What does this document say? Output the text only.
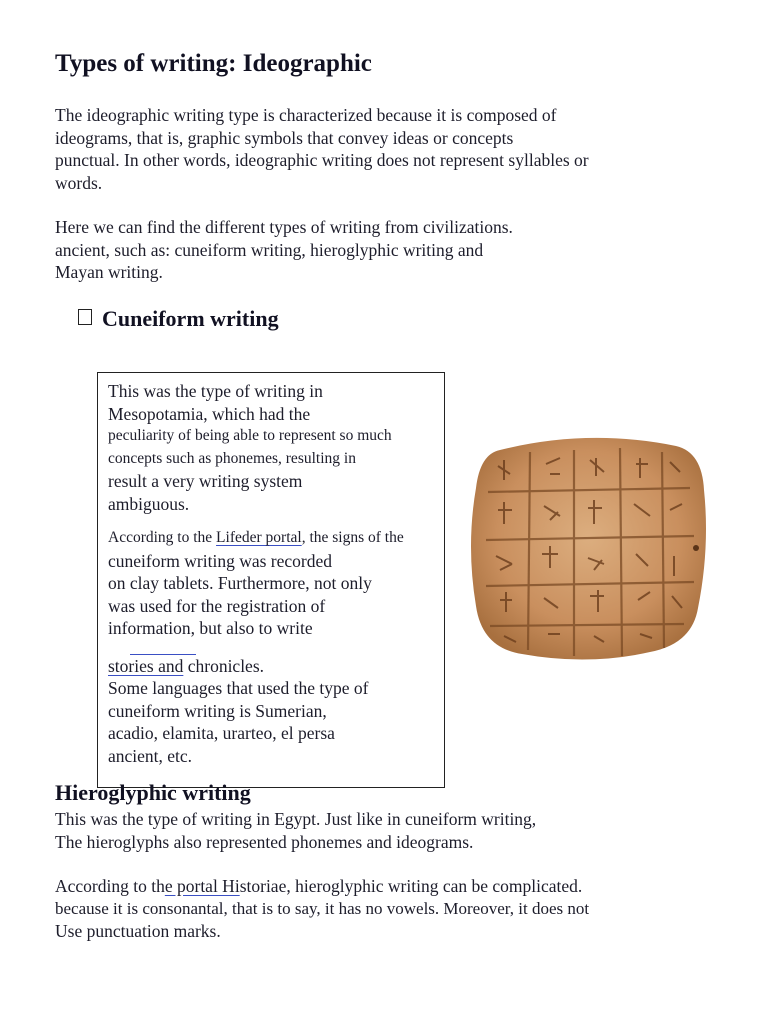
Types of writing: Ideographic

The ideographic writing type is characterized because it is composed of
ideograms, that is, graphic symbols that convey ideas or concepts
punctual. In other words, ideographic writing does not represent syllables or
words.

Here we can find the different types of writing from civilizations.
ancient, such as: cuneiform writing, hieroglyphic writing and
Mayan writing.

Cuneiform writing

This was the type of writing in
Mesopotamia, which had the
peculiarity of being able to represent so much
concepts such as phonemes, resulting in
result a very writing system
ambiguous.
According to the Lifeder portal, the signs of the
cuneiform writing was recorded
on clay tablets. Furthermore, not only
was used for the registration of
information, but also to write
stories and chronicles.
Some languages that used the type of
cuneiform writing is Sumerian,
acadio, elamita, urarteo, el persa
ancient, etc.

Hieroglyphic writing

This was the type of writing in Egypt. Just like in cuneiform writing,
The hieroglyphs also represented phonemes and ideograms.

According to the portal Historiae, hieroglyphic writing can be complicated.
because it is consonantal, that is to say, it has no vowels. Moreover, it does not
Use punctuation marks.
